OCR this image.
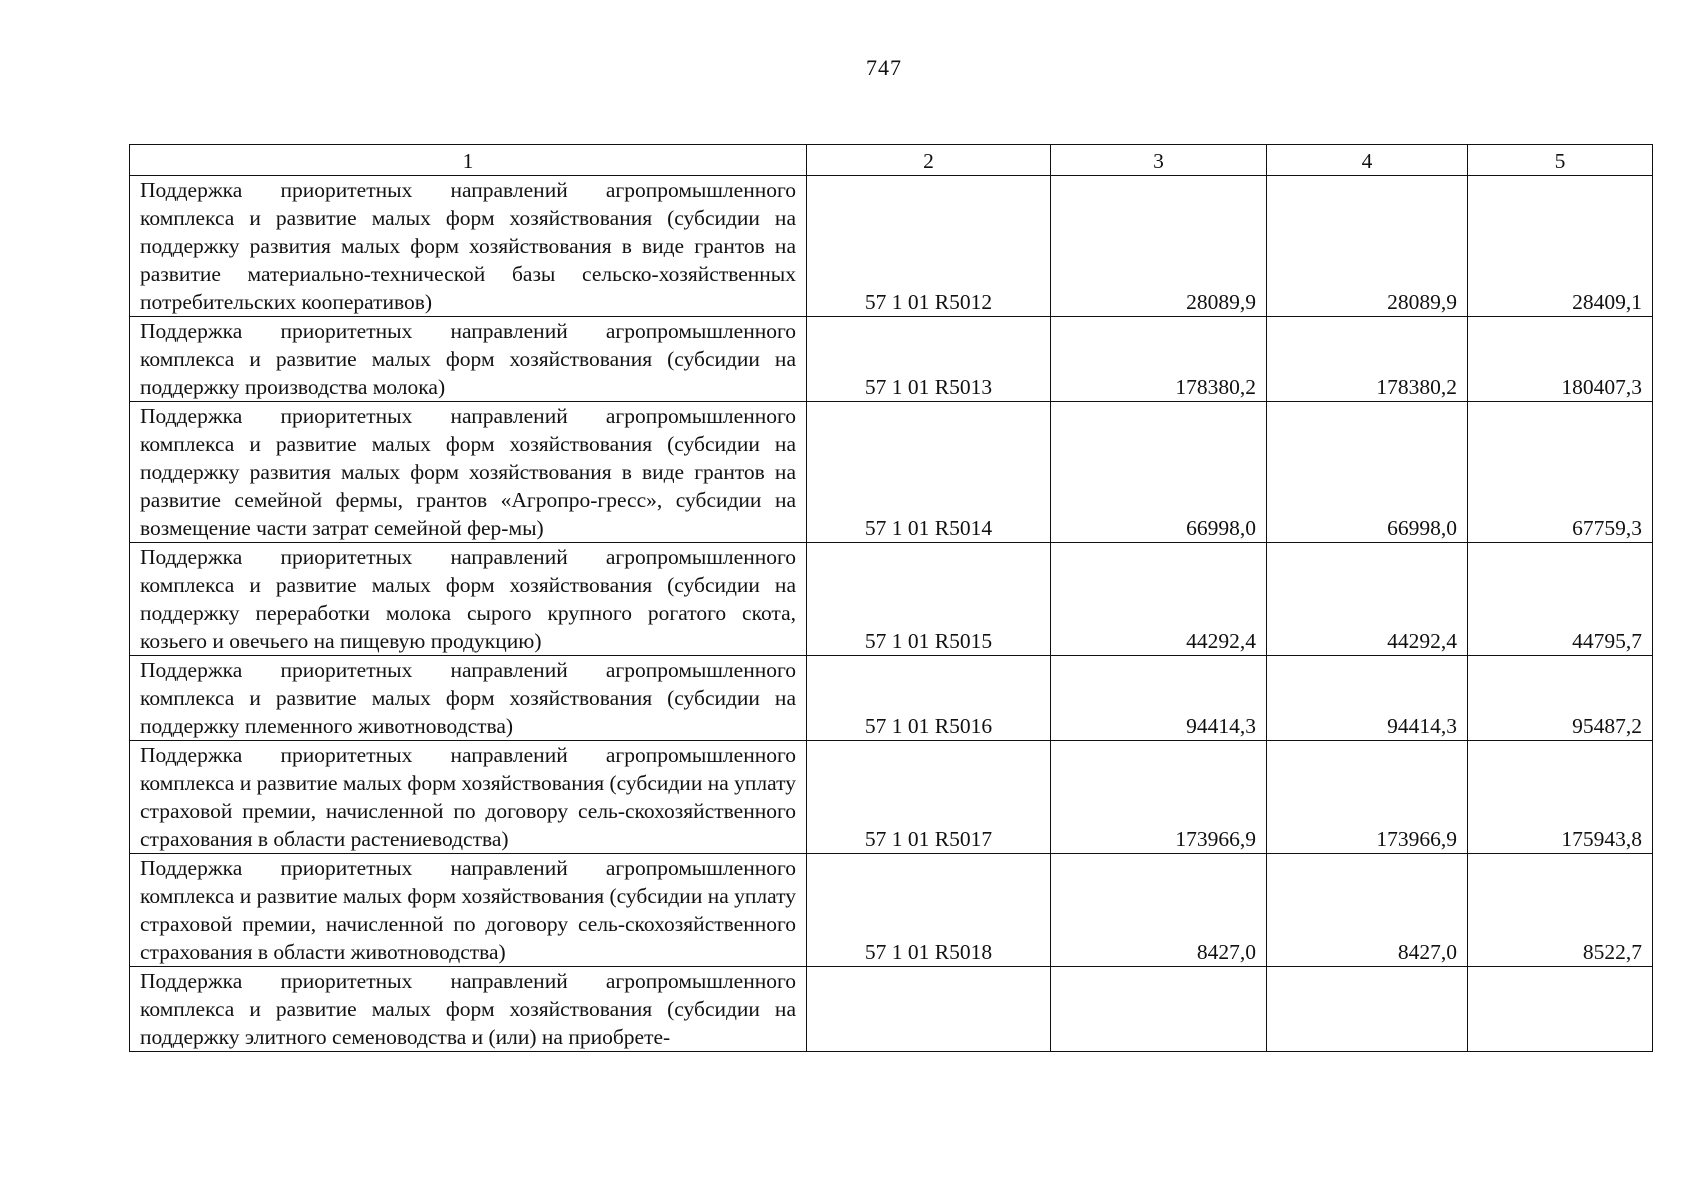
747
1	2	3	4	5
Поддержка приоритетных направлений агропромышленного комплекса и развитие малых форм хозяйствования (субсидии на поддержку развития малых форм хозяйствования в виде грантов на развитие материально-технической базы сельско-хозяйственных потребительских кооперативов)	57 1 01 R5012	28089,9	28089,9	28409,1
Поддержка приоритетных направлений агропромышленного комплекса и развитие малых форм хозяйствования (субсидии на поддержку производства молока)	57 1 01 R5013	178380,2	178380,2	180407,3
Поддержка приоритетных направлений агропромышленного комплекса и развитие малых форм хозяйствования (субсидии на поддержку развития малых форм хозяйствования в виде грантов на развитие семейной фермы, грантов «Агропро-гресс», субсидии на возмещение части затрат семейной фер-мы)	57 1 01 R5014	66998,0	66998,0	67759,3
Поддержка приоритетных направлений агропромышленного комплекса и развитие малых форм хозяйствования (субсидии на поддержку переработки молока сырого крупного рогатого скота, козьего и овечьего на пищевую продукцию)	57 1 01 R5015	44292,4	44292,4	44795,7
Поддержка приоритетных направлений агропромышленного комплекса и развитие малых форм хозяйствования (субсидии на поддержку племенного животноводства)	57 1 01 R5016	94414,3	94414,3	95487,2
Поддержка приоритетных направлений агропромышленного комплекса и развитие малых форм хозяйствования (субсидии на уплату страховой премии, начисленной по договору сель-скохозяйственного страхования в области растениеводства)	57 1 01 R5017	173966,9	173966,9	175943,8
Поддержка приоритетных направлений агропромышленного комплекса и развитие малых форм хозяйствования (субсидии на уплату страховой премии, начисленной по договору сель-скохозяйственного страхования в области животноводства)	57 1 01 R5018	8427,0	8427,0	8522,7
Поддержка приоритетных направлений агропромышленного комплекса и развитие малых форм хозяйствования (субсидии на поддержку элитного семеноводства и (или) на приобрете-				
